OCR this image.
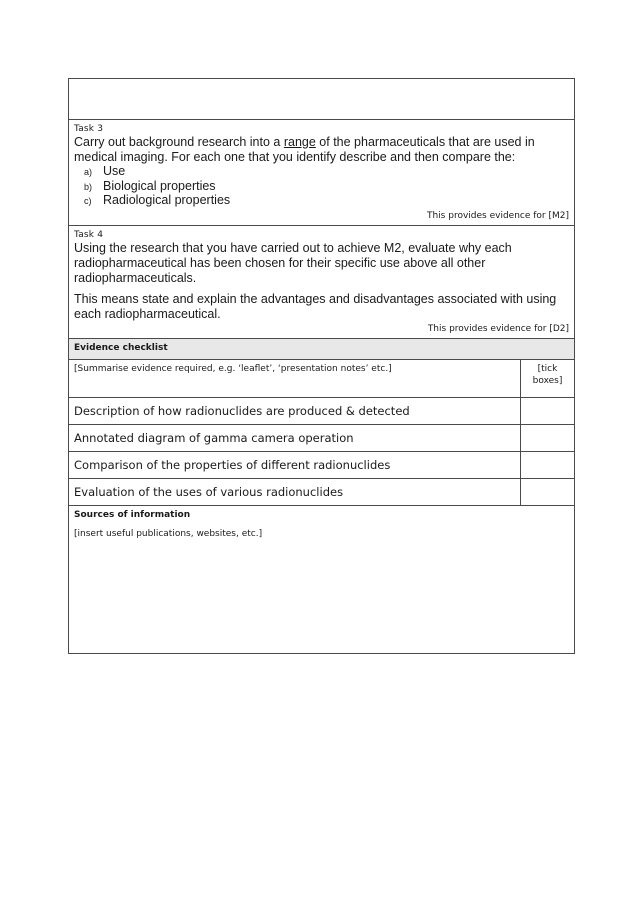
Task 3

Carry out background research into a range of the pharmaceuticals that are used in medical imaging. For each one that you identify describe and then compare the:

a) Use
b) Biological properties
c) Radiological properties
This provides evidence for [M2]
Task 4

Using the research that you have carried out to achieve M2, evaluate why each radiopharmaceutical has been chosen for their specific use above all other radiopharmaceuticals.

This means state and explain the advantages and disadvantages associated with using each radiopharmaceutical.

This provides evidence for [D2]
Evidence checklist
[Summarise evidence required, e.g. ‘leaflet’, ‘presentation notes’ etc.]	[tick boxes]
Description of how radionuclides are produced & detected
Annotated diagram of gamma camera operation
Comparison of the properties of different radionuclides
Evaluation of the uses of various radionuclides
Sources of information
[insert useful publications, websites, etc.]
